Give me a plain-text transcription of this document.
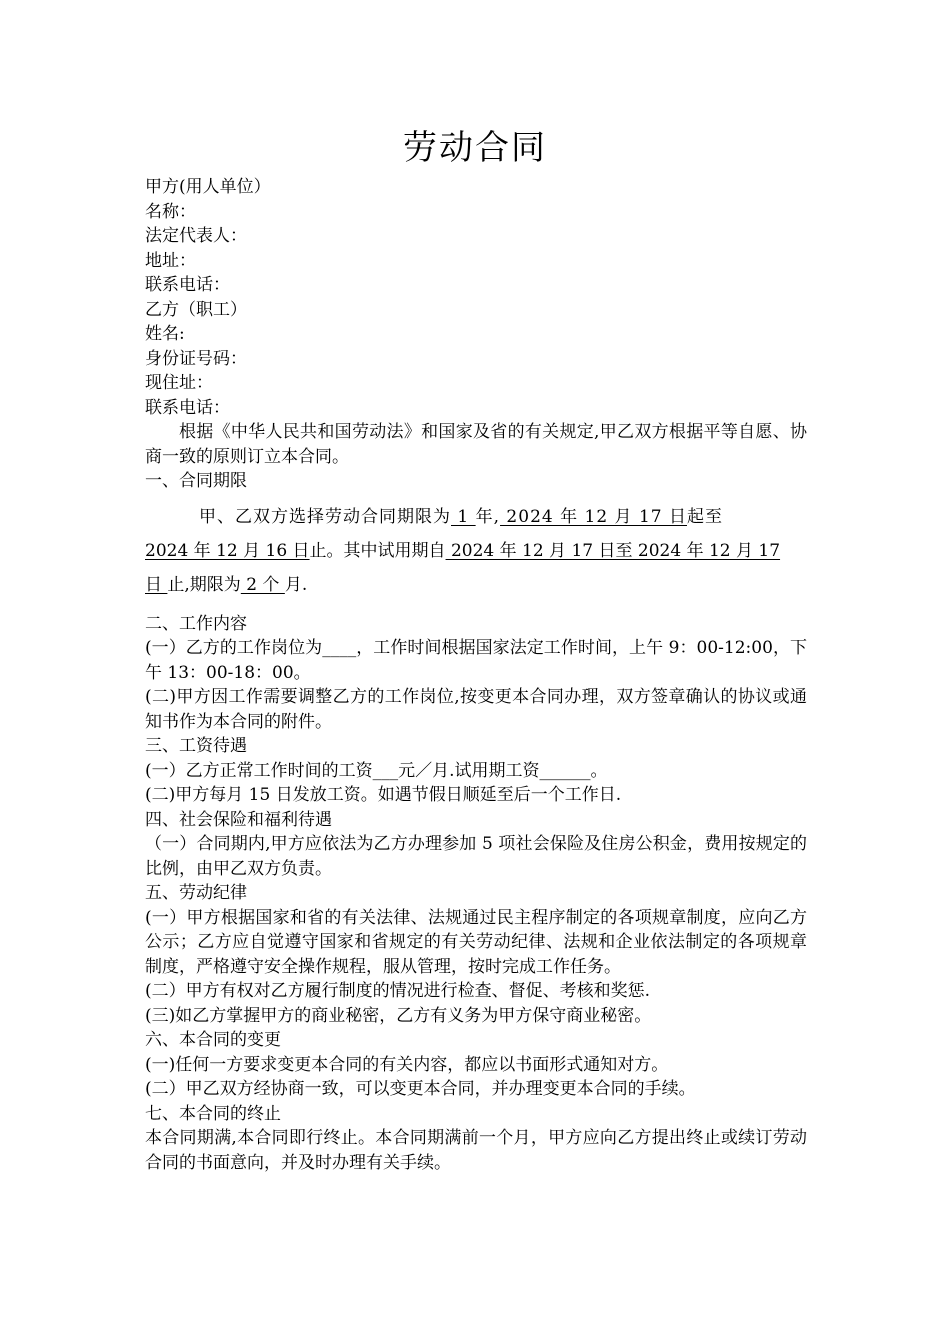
劳动合同
甲方(用人单位）
名称：
法定代表人：
地址：
联系电话：
乙方（职工）
姓名:
身份证号码：
现住址：
联系电话：

根据《中华人民共和国劳动法》和国家及省的有关规定,甲乙双方根据平等自愿、协商一致的原则订立本合同。

一、合同期限
甲、乙双方选择劳动合同期限为 1 年, 2024 年 12 月 17 日起至
2024 年 12 月 16 日止。其中试用期自 2024 年 12 月 17 日至 2024 年 12 月 17
日 止,期限为 2 个 月.
二、工作内容

(一）乙方的工作岗位为____，工作时间根据国家法定工作时间，上午 9：00-12:00，下午 13：00-18：00。

(二)甲方因工作需要调整乙方的工作岗位,按变更本合同办理，双方签章确认的协议或通知书作为本合同的附件。

三、工资待遇

(一）乙方正常工作时间的工资___元／月.试用期工资______。

(二)甲方每月 15 日发放工资。如遇节假日顺延至后一个工作日.

四、社会保险和福利待遇

（一）合同期内,甲方应依法为乙方办理参加 5 项社会保险及住房公积金，费用按规定的比例，由甲乙双方负责。

五、劳动纪律

(一）甲方根据国家和省的有关法律、法规通过民主程序制定的各项规章制度，应向乙方公示；乙方应自觉遵守国家和省规定的有关劳动纪律、法规和企业依法制定的各项规章制度，严格遵守安全操作规程，服从管理，按时完成工作任务。

(二）甲方有权对乙方履行制度的情况进行检查、督促、考核和奖惩.

(三)如乙方掌握甲方的商业秘密，乙方有义务为甲方保守商业秘密。

六、本合同的变更

(一)任何一方要求变更本合同的有关内容，都应以书面形式通知对方。

(二）甲乙双方经协商一致，可以变更本合同，并办理变更本合同的手续。

七、本合同的终止

本合同期满,本合同即行终止。本合同期满前一个月，甲方应向乙方提出终止或续订劳动合同的书面意向，并及时办理有关手续。
